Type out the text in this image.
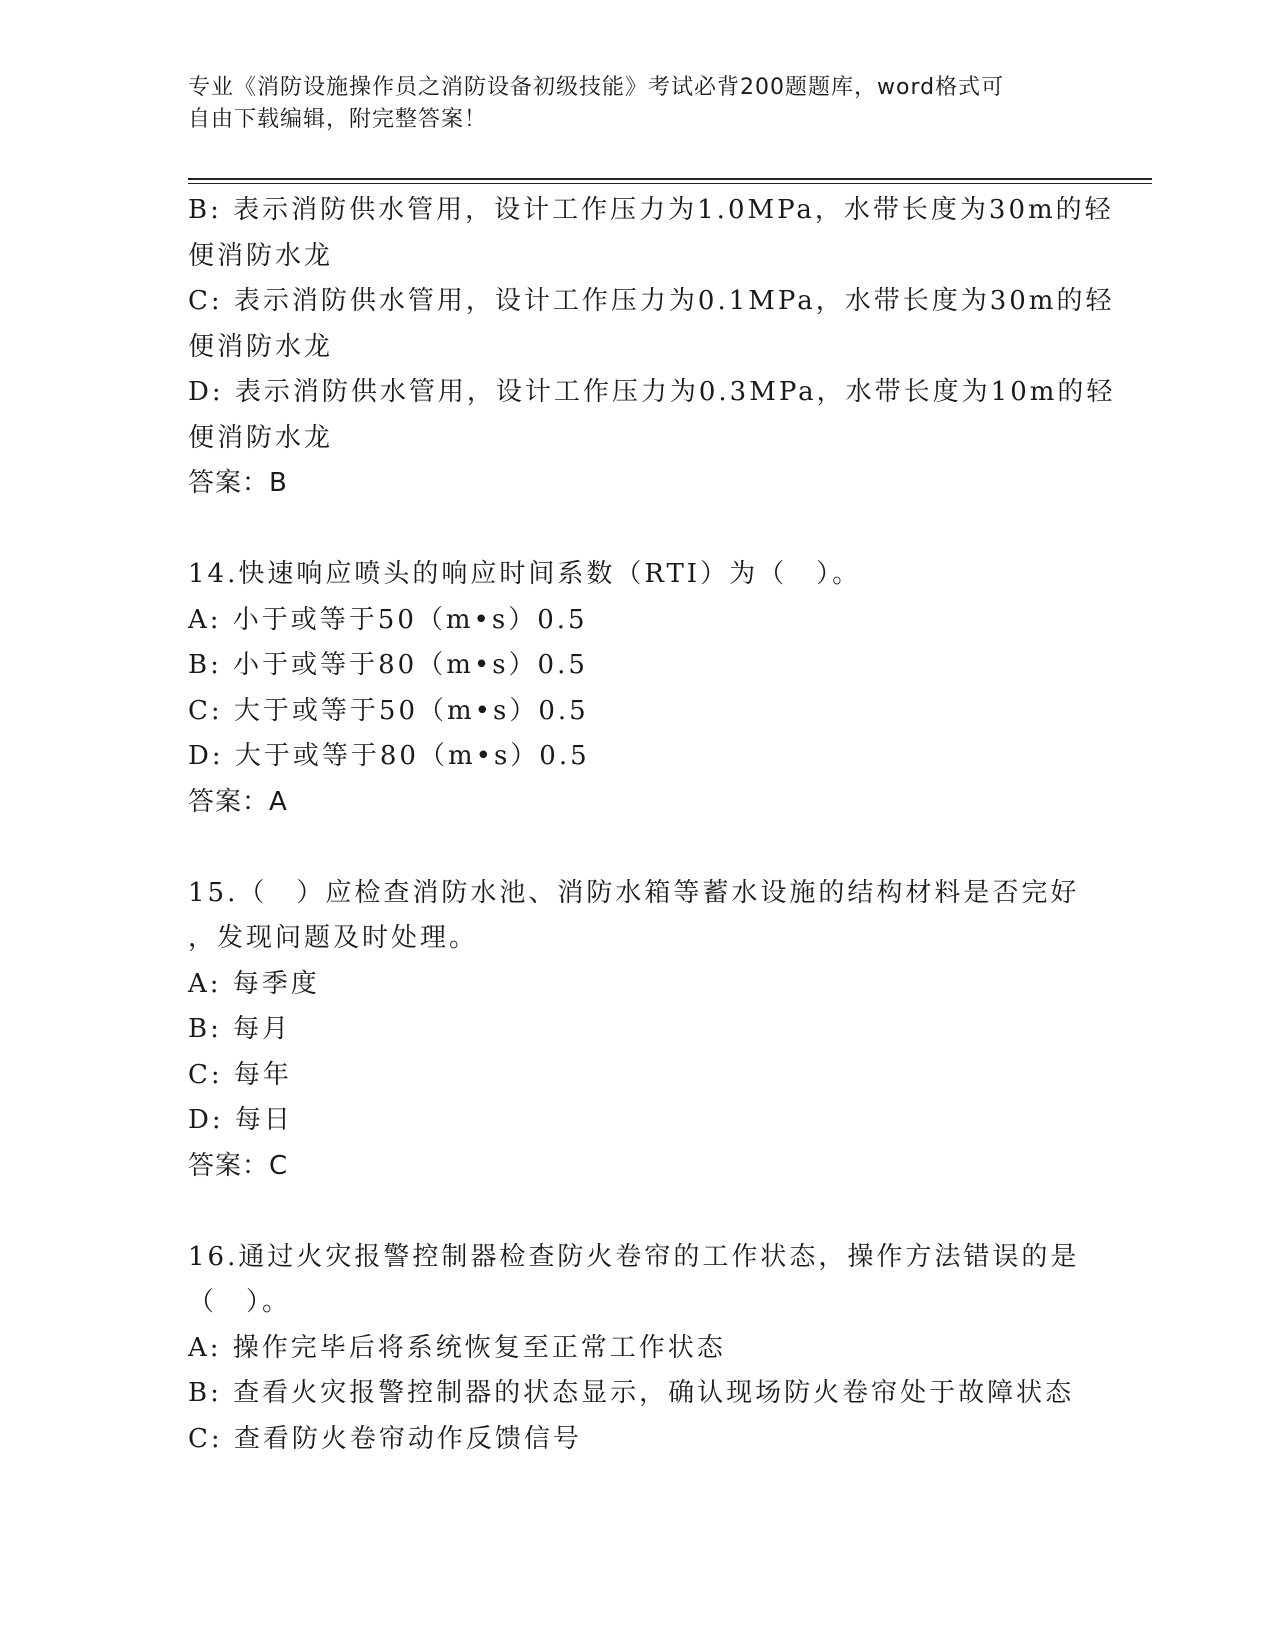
专业《消防设施操作员之消防设备初级技能》考试必背200题题库，word格式可
自由下载编辑，附完整答案！
B: 表示消防供水管用，设计工作压力为1.0MPa，水带长度为30m的轻
便消防水龙
C: 表示消防供水管用，设计工作压力为0.1MPa，水带长度为30m的轻
便消防水龙
D: 表示消防供水管用，设计工作压力为0.3MPa，水带长度为10m的轻
便消防水龙
答案：B
14.快速响应喷头的响应时间系数（RTI）为（　）。
A: 小于或等于50（m•s）0.5
B: 小于或等于80（m•s）0.5
C: 大于或等于50（m•s）0.5
D: 大于或等于80（m•s）0.5
答案：A
15.（　）应检查消防水池、消防水箱等蓄水设施的结构材料是否完好
，发现问题及时处理。
A: 每季度
B: 每月
C: 每年
D: 每日
答案：C
16.通过火灾报警控制器检查防火卷帘的工作状态，操作方法错误的是
（　）。
A: 操作完毕后将系统恢复至正常工作状态
B: 查看火灾报警控制器的状态显示，确认现场防火卷帘处于故障状态
C: 查看防火卷帘动作反馈信号
